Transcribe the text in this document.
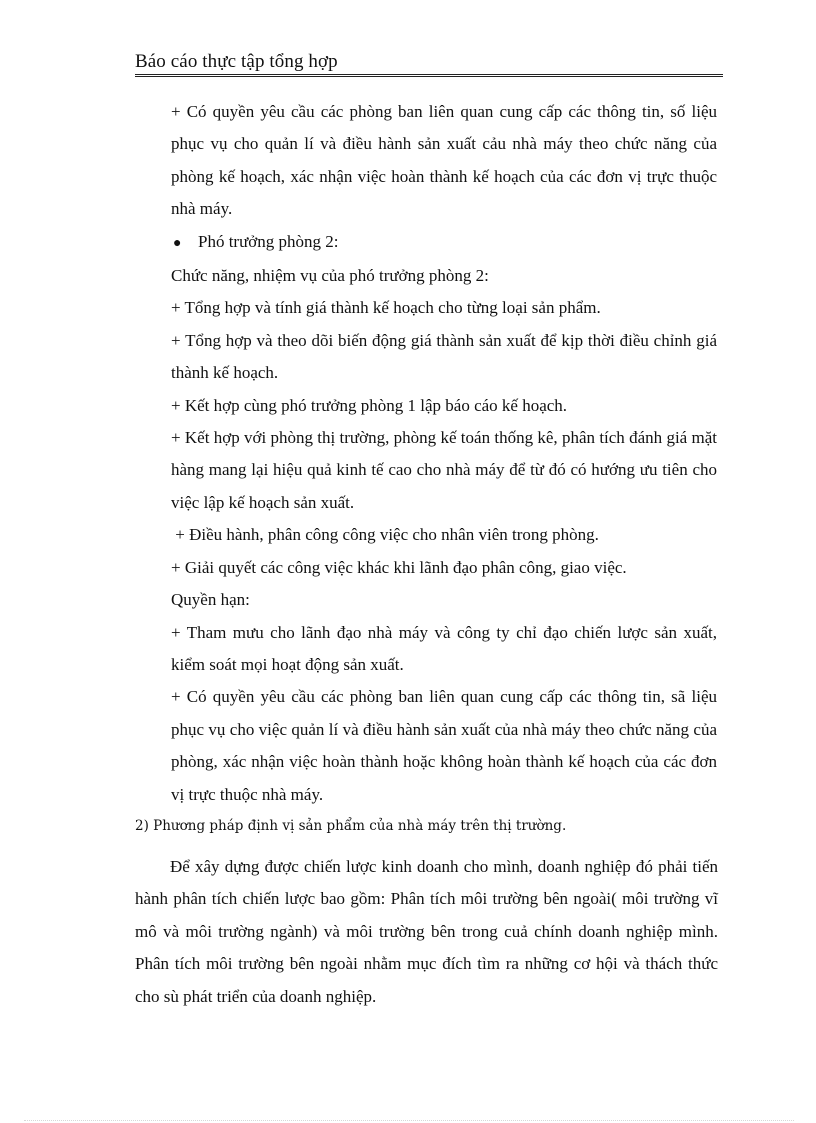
Báo cáo thực tập tổng hợp

+ Có quyền yêu cầu các phòng ban liên quan cung cấp các thông tin, số liệu phục vụ cho quản lí và điều hành sản xuất cảu nhà máy theo chức năng của phòng kế hoạch, xác nhận việc hoàn thành kế hoạch của các đơn vị trực thuộc nhà máy.

● Phó trưởng phòng 2:

Chức năng, nhiệm vụ của phó trưởng phòng 2:

+ Tổng hợp và tính giá thành kế hoạch cho từng loại sản phẩm.

+ Tổng hợp và theo dõi biến động giá thành sản xuất để kịp thời điều chỉnh giá thành kế hoạch.

+ Kết hợp cùng phó trưởng phòng 1 lập báo cáo kế hoạch.

+ Kết hợp với phòng thị trường, phòng kế toán thống kê, phân tích đánh giá mặt hàng mang lại hiệu quả kinh tế cao cho nhà máy để từ đó có hướng ưu tiên cho việc lập kế hoạch sản xuất.

+ Điều hành, phân công công việc cho nhân viên trong phòng.

+ Giải quyết các công việc khác khi lãnh đạo phân công, giao việc.

Quyền hạn:

+ Tham mưu cho lãnh đạo nhà máy và công ty chỉ đạo chiến lược sản xuất, kiểm soát mọi hoạt động sản xuất.

+ Có quyền yêu cầu các phòng ban liên quan cung cấp các thông tin, sã liệu phục vụ cho việc quản lí và điều hành sản xuất của nhà máy theo chức năng của phòng, xác nhận việc hoàn thành hoặc không hoàn thành kế hoạch của các đơn vị trực thuộc nhà máy.

2) Phương pháp định vị sản phẩm của nhà máy trên thị trường.

Để xây dựng được chiến lược kinh doanh cho mình, doanh nghiệp đó phải tiến hành phân tích chiến lược bao gồm: Phân tích môi trường bên ngoài( môi trường vĩ mô và môi trường ngành) và môi trường bên trong cuả chính doanh nghiệp mình. Phân tích môi trường bên ngoài nhằm mục đích tìm ra những cơ hội và thách thức cho sù phát triển của doanh nghiệp.
